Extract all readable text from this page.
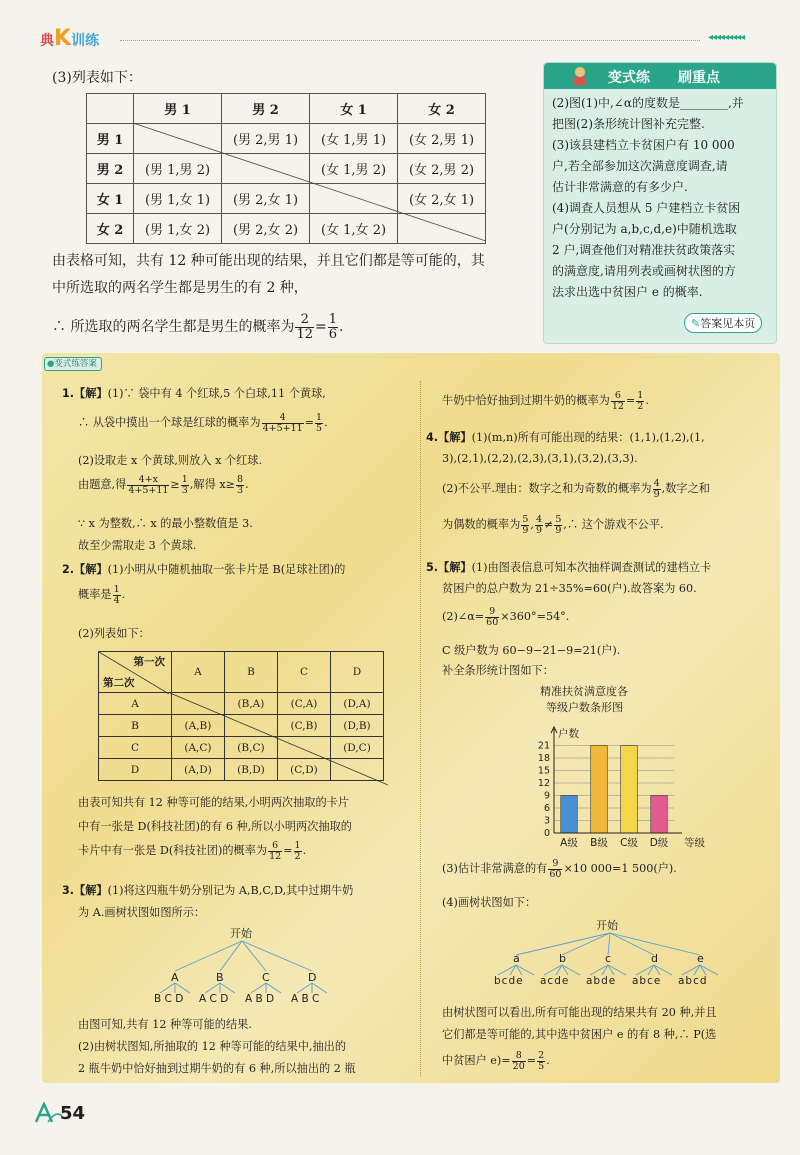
典K训练	◂◂◂◂◂◂◂◂◂
(3)列表如下：
	男 1	男 2	女 1	女 2
男 1		(男 2,男 1)	(女 1,男 1)	(女 2,男 1)
男 2	(男 1,男 2)		(女 1,男 2)	(女 2,男 2)
女 1	(男 1,女 1)	(男 2,女 1)		(女 2,女 1)
女 2	(男 1,女 2)	(男 2,女 2)	(女 1,女 2)	
由表格可知，共有 12 种可能出现的结果，并且它们都是等可能的，其
中所选取的两名学生都是男生的有 2 种，
∴ 所选取的两名学生都是男生的概率为 $\frac{2}{12} = \frac{1}{6}$ .
变式练 刷重点
(2)图(1)中,∠α的度数是________,并
把图(2)条形统计图补充完整.
(3)该县建档立卡贫困户有 10 000
户,若全部参加这次满意度调查,请
估计非常满意的有多少户.
(4)调查人员想从 5 户建档立卡贫困
户(分别记为 a,b,c,d,e)中随机选取
2 户,调查他们对精准扶贫政策落实
的满意度,请用列表或画树状图的方
法求出选中贫困户 e 的概率.
✎答案见本页
●变式练答案
1.【解】(1)∵ 袋中有 4 个红球,5 个白球,11 个黄球,
∴ 从袋中摸出一个球是红球的概率为 $\frac{4}{4+5+11} = \frac{1}{5}$ .
(2)设取走 x 个黄球,则放入 x 个红球.
由题意,得 $\frac{4+x}{4+5+11} \ge \frac{1}{3}$ ,解得 $x\ge \frac{8}{3}$ .
∵ x 为整数,∴ x 的最小整数值是 3.
故至少需取走 3 个黄球.
2.【解】(1)小明从中随机抽取一张卡片是 B(足球社团)的
概率是 $\frac{1}{4}$ .
(2)列表如下：
第一次
第二次	A	B	C	D
A		(B,A)	(C,A)	(D,A)
B	(A,B)		(C,B)	(D,B)
C	(A,C)	(B,C)		(D,C)
D	(A,D)	(B,D)	(C,D)	
由表可知共有 12 种等可能的结果,小明两次抽取的卡片
中有一张是 D(科技社团)的有 6 种,所以小明两次抽取的
卡片中有一张是 D(科技社团)的概率为 $\frac{6}{12} = \frac{1}{2}$ .
3.【解】(1)将这四瓶牛奶分别记为 A,B,C,D,其中过期牛奶
为 A.画树状图如图所示：
开始
A	B	C	D
B C D A C D A B D A B C
由图可知,共有 12 种等可能的结果.
(2)由树状图知,所抽取的 12 种等可能的结果中,抽出的
2 瓶牛奶中恰好抽到过期牛奶的有 6 种,所以抽出的 2 瓶
牛奶中恰好抽到过期牛奶的概率为 $\frac{6}{12} = \frac{1}{2}$ .
4.【解】(1)(m,n)所有可能出现的结果：(1,1),(1,2),(1,
3),(2,1),(2,2),(2,3),(3,1),(3,2),(3,3).
(2)不公平.理由：数字之和为奇数的概率为 $\frac{4}{9}$ ,数字之和
为偶数的概率为 $\frac{5}{9}$ , $\frac{4}{9} \ne \frac{5}{9}$ ,∴ 这个游戏不公平.
5.【解】(1)由图表信息可知本次抽样调查测试的建档立卡
贫困户的总户数为 21÷35%=60(户).故答案为 60.
(2)∠α= $\frac{9}{60} \times 360^\circ=54^\circ$.
C 级户数为 60−9−21−9=21(户).
补全条形统计图如下：
精准扶贫满意度各
等级户数条形图
A级 B级 C级 D级
0
3
6
9
12
15
18
21
户数
等级
(3)估计非常满意的有 $\frac{9}{60} \times 10$ 000=1 500(户).
(4)画树状图如下：
开始
a	b	c	d	e
bcde acde abde abce abcd
由树状图可以看出,所有可能出现的结果共有 20 种,并且
它们都是等可能的,其中选中贫困户 e 的有 8 种,∴ P(选
中贫困户 $e)= \frac{8}{20} = \frac{2}{5}$ .
54
